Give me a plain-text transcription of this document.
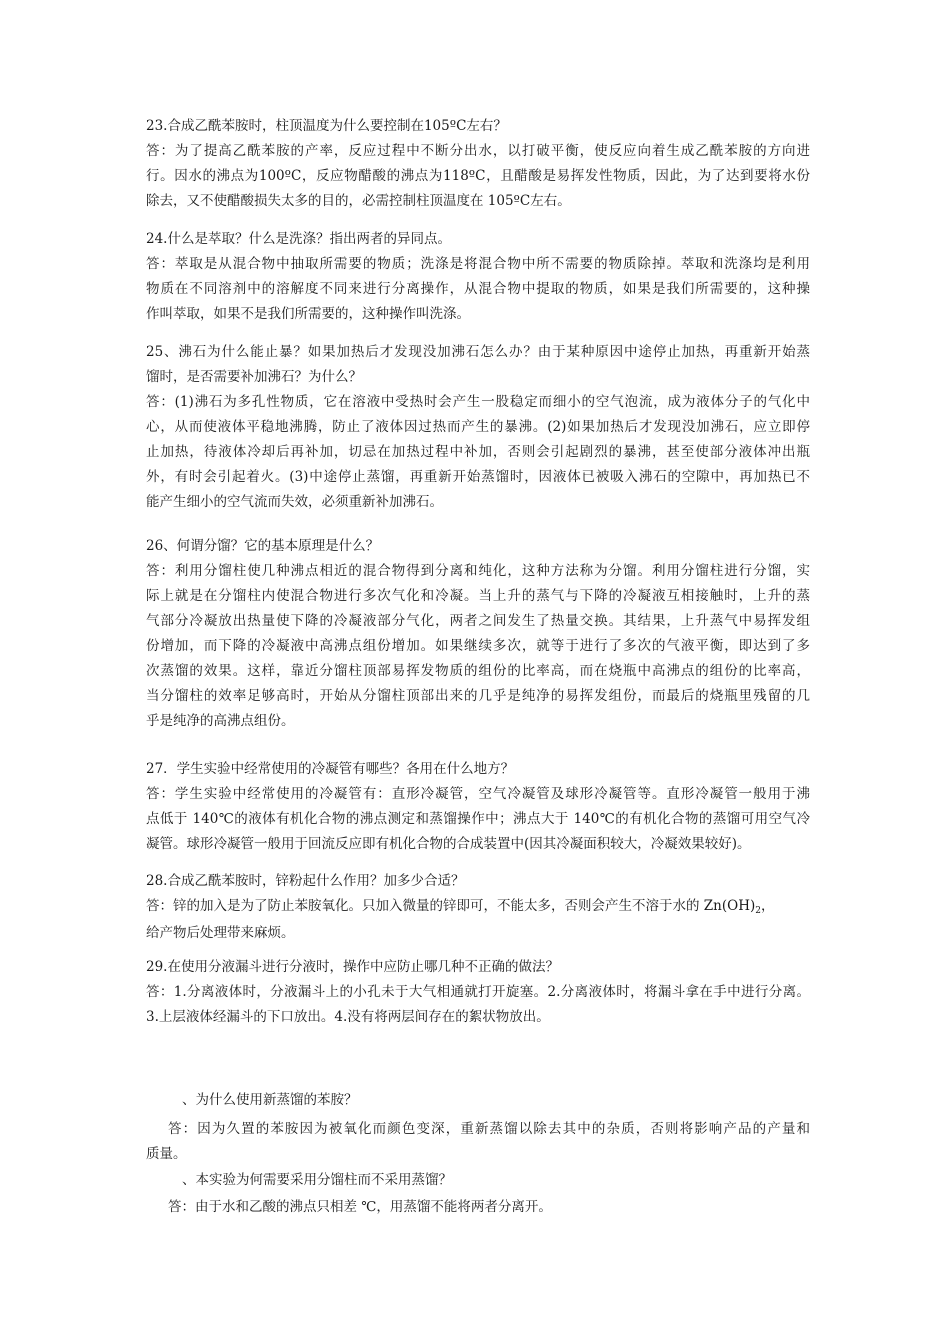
23.合成乙酰苯胺时，柱顶温度为什么要控制在105ºC左右？
答：为了提高乙酰苯胺的产率，反应过程中不断分出水，以打破平衡，使反应向着生成乙酰苯胺的方向进
行。因水的沸点为100ºC，反应物醋酸的沸点为118ºC，且醋酸是易挥发性物质，因此，为了达到要将水份
除去，又不使醋酸损失太多的目的，必需控制柱顶温度在 105ºC左右。
24.什么是萃取？什么是洗涤？指出两者的异同点。
答：萃取是从混合物中抽取所需要的物质；洗涤是将混合物中所不需要的物质除掉。萃取和洗涤均是利用
物质在不同溶剂中的溶解度不同来进行分离操作，从混合物中提取的物质，如果是我们所需要的，这种操
作叫萃取，如果不是我们所需要的，这种操作叫洗涤。
25、沸石为什么能止暴？如果加热后才发现没加沸石怎么办？由于某种原因中途停止加热，再重新开始蒸
馏时，是否需要补加沸石？为什么？
答：(1)沸石为多孔性物质，它在溶液中受热时会产生一股稳定而细小的空气泡流，成为液体分子的气化中
心，从而使液体平稳地沸腾，防止了液体因过热而产生的暴沸。(2)如果加热后才发现没加沸石，应立即停
止加热，待液体冷却后再补加，切忌在加热过程中补加，否则会引起剧烈的暴沸，甚至使部分液体冲出瓶
外，有时会引起着火。(3)中途停止蒸馏，再重新开始蒸馏时，因液体已被吸入沸石的空隙中，再加热已不
能产生细小的空气流而失效，必须重新补加沸石。
26、何谓分馏？它的基本原理是什么？
答：利用分馏柱使几种沸点相近的混合物得到分离和纯化，这种方法称为分馏。利用分馏柱进行分馏，实
际上就是在分馏柱内使混合物进行多次气化和冷凝。当上升的蒸气与下降的冷凝液互相接触时，上升的蒸
气部分冷凝放出热量使下降的冷凝液部分气化，两者之间发生了热量交换。其结果，上升蒸气中易挥发组
份增加，而下降的冷凝液中高沸点组份增加。如果继续多次，就等于进行了多次的气液平衡，即达到了多
次蒸馏的效果。这样，靠近分馏柱顶部易挥发物质的组份的比率高，而在烧瓶中高沸点的组份的比率高，
当分馏柱的效率足够高时，开始从分馏柱顶部出来的几乎是纯净的易挥发组份，而最后的烧瓶里残留的几
乎是纯净的高沸点组份。
27．学生实验中经常使用的冷凝管有哪些？各用在什么地方？
答：学生实验中经常使用的冷凝管有：直形冷凝管，空气冷凝管及球形冷凝管等。直形冷凝管一般用于沸
点低于 140℃的液体有机化合物的沸点测定和蒸馏操作中；沸点大于 140℃的有机化合物的蒸馏可用空气冷
凝管。球形冷凝管一般用于回流反应即有机化合物的合成装置中(因其冷凝面积较大，冷凝效果较好)。
28.合成乙酰苯胺时，锌粉起什么作用？加多少合适？
答：锌的加入是为了防止苯胺氧化。只加入微量的锌即可，不能太多，否则会产生不溶于水的 $Zn(OH)_2$，
给产物后处理带来麻烦。
29.在使用分液漏斗进行分液时，操作中应防止哪几种不正确的做法？
答：1.分离液体时，分液漏斗上的小孔未于大气相通就打开旋塞。2.分离液体时，将漏斗拿在手中进行分离。
3.上层液体经漏斗的下口放出。4.没有将两层间存在的絮状物放出。
、为什么使用新蒸馏的苯胺？
答：因为久置的苯胺因为被氧化而颜色变深，重新蒸馏以除去其中的杂质，否则将影响产品的产量和
质量。
、本实验为何需要采用分馏柱而不采用蒸馏？
答：由于水和乙酸的沸点只相差 ℃，用蒸馏不能将两者分离开。
